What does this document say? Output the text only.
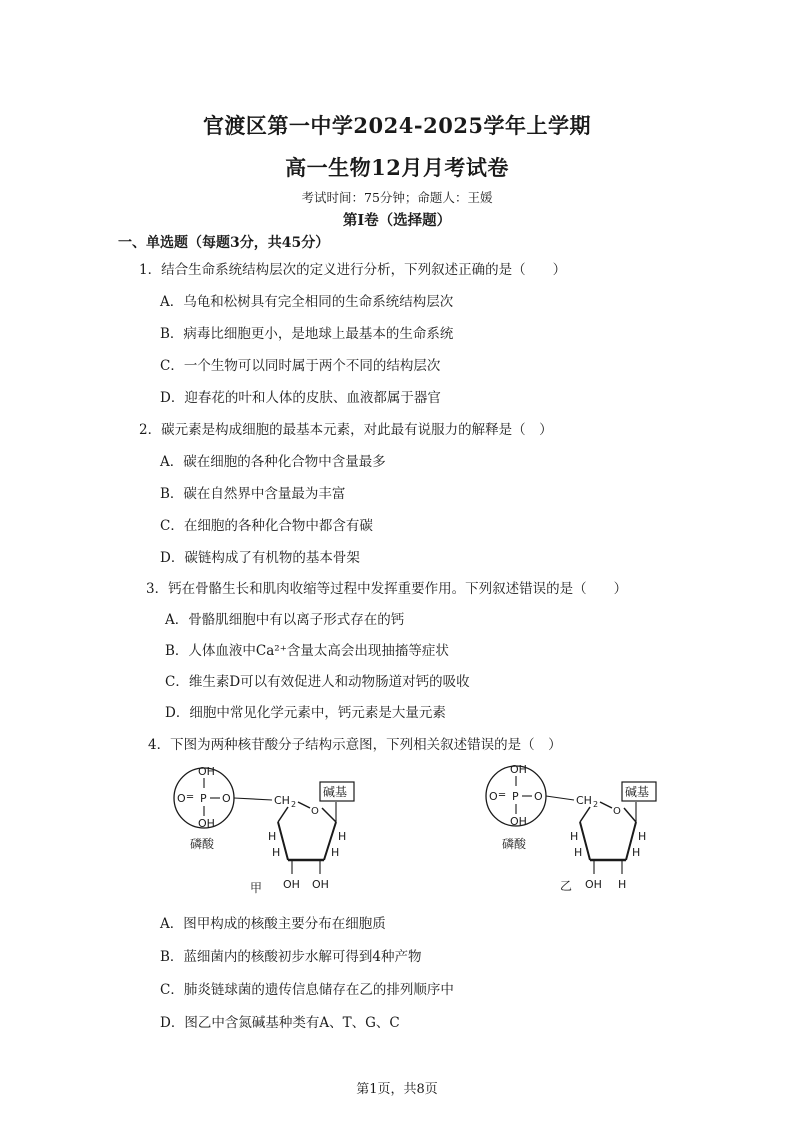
官渡区第一中学2024-2025学年上学期
高一生物12月月考试卷
考试时间：75分钟；命题人：王媛
第I卷（选择题）
一、单选题（每题3分，共45分）
1．结合生命系统结构层次的定义进行分析，下列叙述正确的是（　　）
A．乌龟和松树具有完全相同的生命系统结构层次
B．病毒比细胞更小，是地球上最基本的生命系统
C．一个生物可以同时属于两个不同的结构层次
D．迎春花的叶和人体的皮肤、血液都属于器官
2．碳元素是构成细胞的最基本元素，对此最有说服力的解释是（　）
A．碳在细胞的各种化合物中含量最多
B．碳在自然界中含量最为丰富
C．在细胞的各种化合物中都含有碳
D．碳链构成了有机物的基本骨架
3．钙在骨骼生长和肌肉收缩等过程中发挥重要作用。下列叙述错误的是（　　）
A．骨骼肌细胞中有以离子形式存在的钙
B．人体血液中Ca²⁺含量太高会出现抽搐等症状
C．维生素D可以有效促进人和动物肠道对钙的吸收
D．细胞中常见化学元素中，钙元素是大量元素
4．下图为两种核苷酸分子结构示意图，下列相关叙述错误的是（　）
OH
O ═ P O
OH
磷酸
CH 2
O
H	H
H	H
碱基
OH OH
甲
OH
O ═ P O
OH
磷酸
CH 2
O
H	H
H	H
碱基
OH H
乙
A．图甲构成的核酸主要分布在细胞质
B．蓝细菌内的核酸初步水解可得到4种产物
C．肺炎链球菌的遗传信息储存在乙的排列顺序中
D．图乙中含氮碱基种类有A、T、G、C
第1页，共8页
